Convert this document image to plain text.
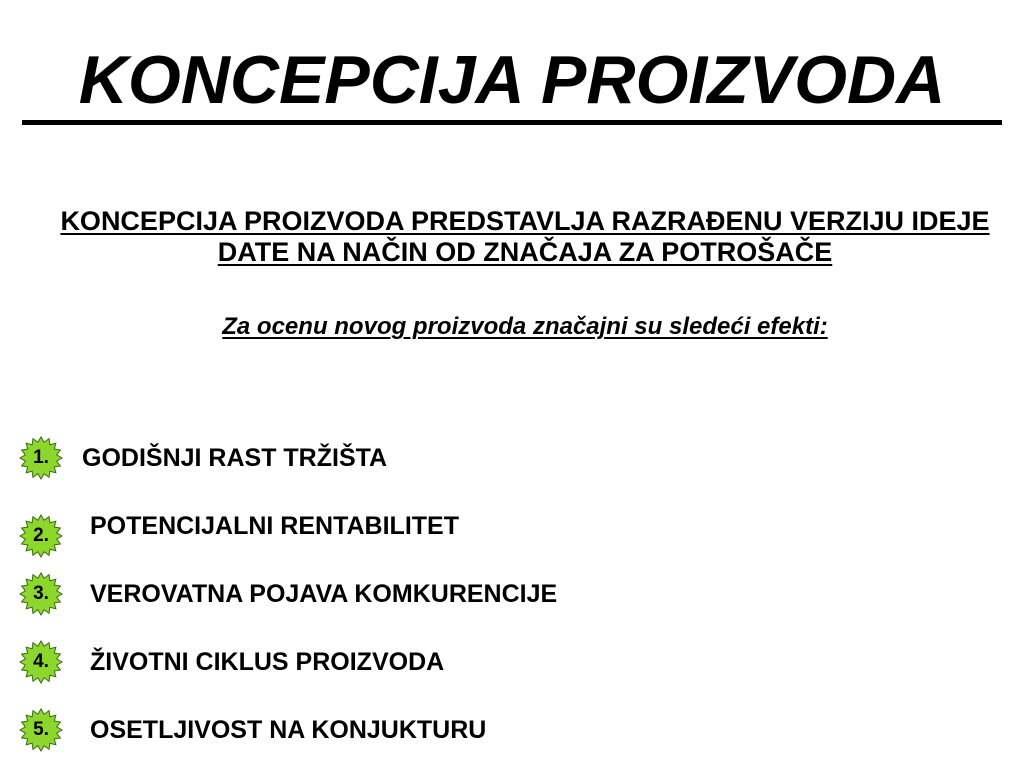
KONCEPCIJA PROIZVODA

KONCEPCIJA PROIZVODA PREDSTAVLJA RAZRAĐENU VERZIJU IDEJE DATE NA NAČIN OD ZNAČAJA ZA POTROŠAČE

Za ocenu novog proizvoda značajni su sledeći efekti:

1.	GODIŠNJI RAST TRŽIŠTA
2.	POTENCIJALNI RENTABILITET
3.	VEROVATNA POJAVA KOMKURENCIJE
4.	ŽIVOTNI CIKLUS PROIZVODA
5.	OSETLJIVOST NA KONJUKTURU
